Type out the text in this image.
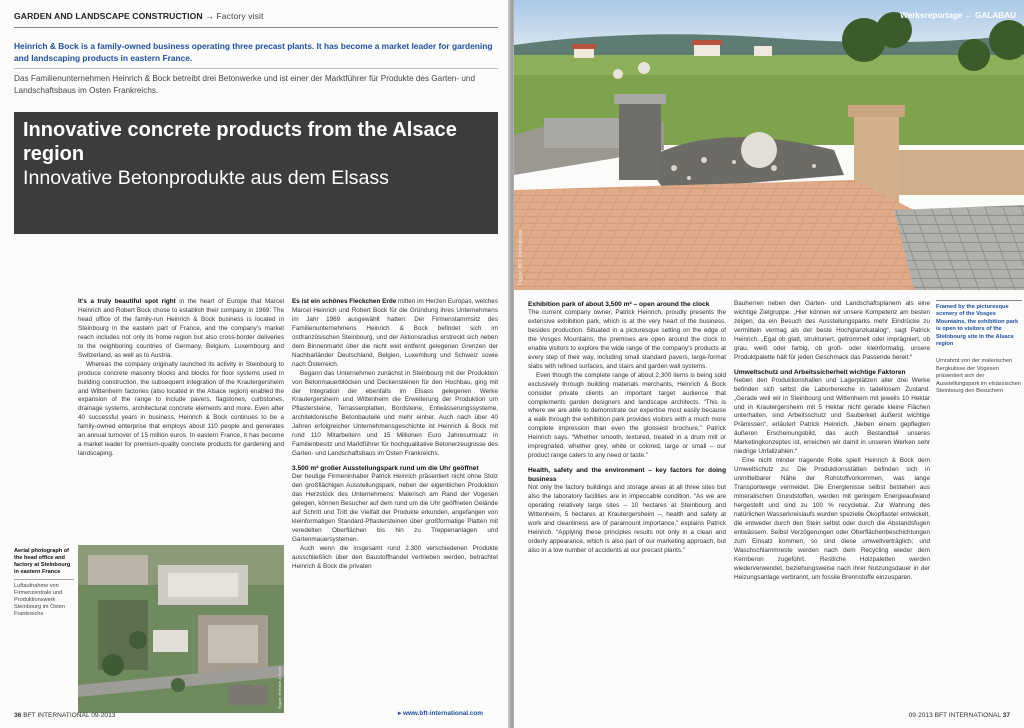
GARDEN AND LANDSCAPE CONSTRUCTION → Factory visit
Heinrich & Bock is a family-owned business operating three precast plants. It has become a market leader for gardening and landscaping products in eastern France.
Das Familienunternehmen Heinrich & Bock betreibt drei Betonwerke und ist einer der Marktführer für Produkte des Garten- und Landschaftsbaus im Osten Frankreichs.
Innovative concrete products from the Alsace region
Innovative Betonprodukte aus dem Elsass

It’s a truly beautiful spot right in the heart of Europe that Marcel Heinrich and Robert Bock chose to establish their company in 1969: The head office of the family-run Heinrich & Bock business is located in Steinbourg in the eastern part of France, and the company’s market reach includes not only its home region but also cross-border deliveries to the neighboring countries of Germany, Belgium, Luxembourg and Switzerland, as well as to Austria.

Whereas the company originally launched its activity in Steinbourg to produce concrete masonry blocks and blocks for floor systems used in building construction, the subsequent integration of the Krautergersheim and Wittenheim factories (also located in the Alsace region) enabled the expansion of the range to include pavers, flagstones, curbstones, drainage systems, architectural concrete elements and more. Even after 40 successful years in business, Heinrich & Bock continues to be a family-owned enterprise that employs about 110 people and generates an annual turnover of 15 million euros. In eastern France, it has become a market leader for premium-quality concrete products for gardening and landscaping.

Es ist ein schönes Fleckchen Erde mitten im Herzen Europas, welches Marcel Heinrich und Robert Bock für die Gründung ihres Unternehmens im Jahr 1969 ausgewählt hatten: Der Firmenstammsitz des Familienunternehmens Heinrich & Bock befindet sich im ostfranzösischen Steinbourg, und der Aktionsradius erstreckt sich neben dem Binnenmarkt über die nicht weit entfernt gelegenen Grenzen der Nachbarländer Deutschland, Belgien, Luxemburg und Schweiz sowie nach Österreich.

Begann das Unternehmen zunächst in Steinbourg mit der Produktion von Betonmauerblöcken und Deckensteinen für den Hochbau, ging mit der Integration der ebenfalls im Elsass gelegenen Werke Krautergersheim und Wittenheim die Erweiterung der Produktion um Pflastersteine, Terrassenplatten, Bordsteine, Entwässerungssysteme, architektonische Betonbauteile und mehr einher. Auch nach über 40 Jahren erfolgreicher Unternehmensgeschichte ist Heinrich & Bock mit rund 110 Mitarbeitern und 15 Millionen Euro Jahresumsatz in Familienbesitz und Marktführer für hochqualitative Betonerzeugnisse des Garten- und Landschaftsbaus im Osten Frankreichs.

3.500 m² großer Ausstellungspark rund um die Uhr geöffnet

Der heutige Firmeninhaber Patrick Heinrich präsentiert nicht ohne Stolz den großflächigen Ausstellungspark, neben der eigentlichen Produktion das Herzstück des Unternehmens: Malerisch am Rand der Vogesen gelegen, können Besucher auf dem rund um die Uhr geöffneten Gelände auf Schritt und Tritt die Vielfalt der Produkte erkunden, angefangen von kleinformatigen Standard-Pflastersteinen über großformatige Platten mit veredelten Oberflächen bis hin zu Treppenanlagen und Gartenmauersystemen.

Auch wenn die insgesamt rund 2.300 verschiedenen Produkte ausschließlich über den Baustoffhandel vertrieben werden, betrachtet Heinrich & Bock die privaten

Aerial photograph of the head office and factory at Steinbourg in eastern France
Luftaufnahme von Firmenzentrale und Produktionswerk Steinbourg im Osten Frankreichs
Figure: Heinrich & Bock
36 BFT INTERNATIONAL 09·2013	▸ www.bft-international.com
Werksreportage ← GALABAU
Figure: BFT International

Exhibition park of about 3,500 m² – open around the clock

The current company owner, Patrick Heinrich, proudly presents the extensive exhibition park, which is at the very heart of the business, besides production. Situated in a picturesque setting on the edge of the Vosges Mountains, the premises are open around the clock to enable visitors to explore the wide range of the company’s products at every step of their way, including small standard pavers, large-format slabs with refined surfaces, and stairs and garden wall systems.

Even though the complete range of about 2,300 items is being sold exclusively through building materials merchants, Heinrich & Bock consider private clients an important target audience that complements garden designers and landscape architects. “This is where we are able to demonstrate our expertise most easily because a walk through the exhibition park provides visitors with a much more complete impression than even the glossiest brochure,” Patrick Heinrich says. “Whether smooth, textured, treated in a drum mill or impregnated, whether grey, white or colored, large or small – our product range caters to any need or taste.”

Health, safety and the environment – key factors for doing business

Not only the factory buildings and storage areas at all three sites but also the laboratory facilities are in impeccable condition. “As we are operating relatively large sites – 10 hectares at Steinbourg and Wittenheim, 5 hectares at Krautergersheim –, health and safety at work and cleanliness are of paramount importance,” explains Patrick Heinrich. “Applying these principles results not only in a clean and orderly appearance, which is also part of our marketing approach, but also in a low number of accidents at our precast plants.”

Bauherren neben den Garten- und Landschaftsplanern als eine wichtige Zielgruppe. „Hier können wir unsere Kompetenz am besten zeigen, da ein Besuch des Ausstellungsparks mehr Eindrücke zu vermitteln vermag als der beste Hochglanzkatalog“, sagt Patrick Heinrich. „Egal ob glatt, strukturiert, getrommelt oder imprägniert, ob grau, weiß oder farbig, ob groß- oder kleinformatig, unsere Produktpalette hält für jeden Geschmack das Passende bereit.“

Umweltschutz und Arbeitssicherheit wichtige Faktoren

Neben den Produktionshallen und Lagerplätzen aller drei Werke befinden sich selbst die Laborbereiche in tadellosem Zustand. „Gerade weil wir in Steinbourg und Wittenheim mit jeweils 10 Hektar und in Krautergersheim mit 5 Hektar nicht gerade kleine Flächen unterhalten, sind Arbeitsschutz und Sauberkeit äußerst wichtige Prämissen“, erläutert Patrick Heinrich. „Neben einem gepflegten äußeren Erscheinungsbild, das auch Bestandteil unseres Marketingkonzeptes ist, erreichen wir damit in unseren Werken sehr niedrige Unfallzahlen.“

Eine nicht minder tragende Rolle spielt Heinrich & Bock dem Umweltschutz zu: Die Produktionsstätten befinden sich in unmittelbarer Nähe der Rohstoffvorkommen, was lange Transportwege vermeidet. Die Energienisse selbst bestehen aus mineralischen Grundstoffen, werden mit geringem Energieaufwand hergestellt und sind zu 100 % recyclebar. Zur Wahrung des natürlichen Wasserkreislaufs wurden spezielle Ökopflaster entwickelt, die entweder durch den Stein selbst oder durch die Abstandsfugen entwässern. Selbst Verzögerungen oder Oberflächenbeschichtungen zum Einsatz kommen, so sind diese umweltverträglich; und Waschschlammreste werden nach dem Recycling wieder dem Kernberon zugeführt. Restliche Holzpaletten werden wiederverwendet, beziehungsweise nach ihrer Nutzungsdauer in der Heizungsanlage verbrannt, um fossile Brennstoffe einzusparen.

Framed by the picturesque scenery of the Vosges Mountains, the exhibition park is open to visitors of the Steinbourg site in the Alsace region
Umrahmt von der malerischen Bergkulisse der Vogesen präsentiert sich der Ausstellungspark im elsässischen Steinbourg den Besuchern
09·2013 BFT INTERNATIONAL 37
